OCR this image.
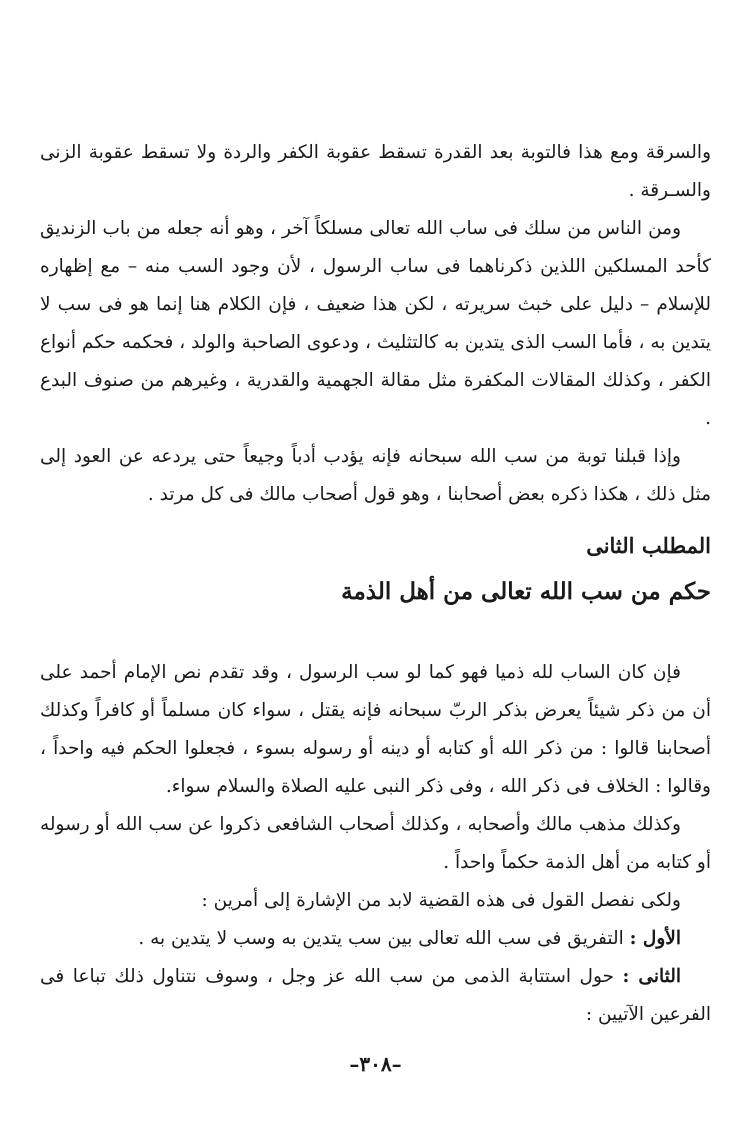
والسرقة ومع هذا فالتوبة بعد القدرة تسقط عقوبة الكفر والردة ولا تسقط عقوبة الزنى والسـرقة .

ومن الناس من سلك فى ساب الله تعالى مسلكاً آخر ، وهو أنه جعله من باب الزنديق كأحد المسلكين اللذين ذكرناهما فى ساب الرسول ، لأن وجود السب منه – مع إظهاره للإسلام – دليل على خبث سريرته ، لكن هذا ضعيف ، فإن الكلام هنا إنما هو فى سب لا يتدين به ، فأما السب الذى يتدين به كالتثليث ، ودعوى الصاحبة والولد ، فحكمه حكم أنواع الكفر ، وكذلك المقالات المكفرة مثل مقالة الجهمية والقدرية ، وغيرهم من صنوف البدع .

وإذا قبلنا توبة من سب الله سبحانه فإنه يؤدب أدباً وجيعاً حتى يردعه عن العود إلى مثل ذلك ، هكذا ذكره بعض أصحابنا ، وهو قول أصحاب مالك فى كل مرتد .

المطلب الثانى
حكم من سب الله تعالى من أهل الذمة

فإن كان الساب لله ذميا فهو كما لو سب الرسول ، وقد تقدم نص الإمام أحمد على أن من ذكر شيئاً يعرض بذكر الربّ سبحانه فإنه يقتل ، سواء كان مسلماً أو كافراً وكذلك أصحابنا قالوا : من ذكر الله أو كتابه أو دينه أو رسوله بسوء ، فجعلوا الحكم فيه واحداً ، وقالوا : الخلاف فى ذكر الله ، وفى ذكر النبى عليه الصلاة والسلام سواء.

وكذلك مذهب مالك وأصحابه ، وكذلك أصحاب الشافعى ذكروا عن سب الله أو رسوله أو كتابه من أهل الذمة حكماً واحداً .

ولكى نفصل القول فى هذه القضية لابد من الإشارة إلى أمرين :

الأول : التفريق فى سب الله تعالى بين سب يتدين به وسب لا يتدين به .

الثانى : حول استتابة الذمى من سب الله عز وجل ، وسوف نتناول ذلك تباعا فى الفرعين الآتيين :

–٣٠٨–
